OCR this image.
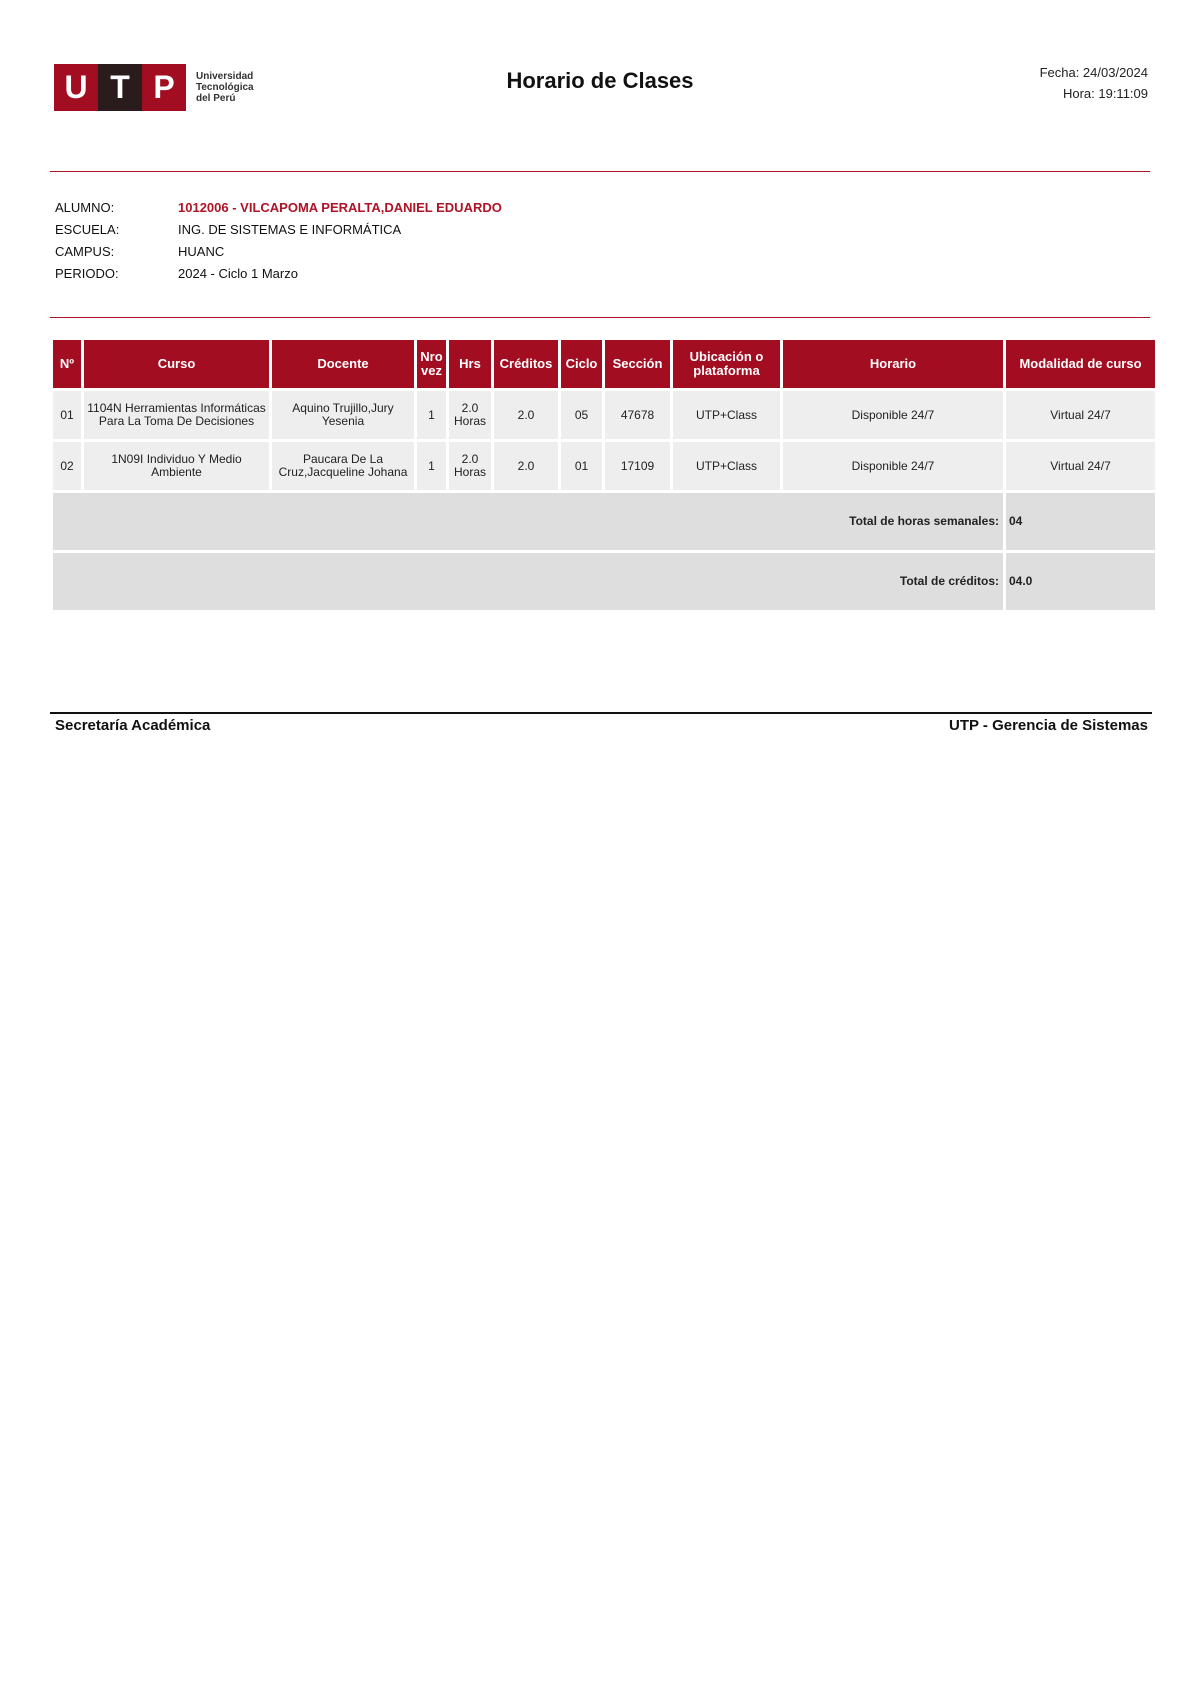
U T P	Universidad
Tecnológica
del Perú
Horario de Clases	Fecha: 24/03/2024
Hora: 19:11:09
ALUMNO:	1012006 - VILCAPOMA PERALTA,DANIEL EDUARDO
ESCUELA:	ING. DE SISTEMAS E INFORMÁTICA
CAMPUS:	HUANC
PERIODO:	2024 - Ciclo 1 Marzo
Nº	Curso	Docente	Nro vez	Hrs	Créditos	Ciclo	Sección	Ubicación o plataforma	Horario	Modalidad de curso
01	1104N Herramientas Informáticas Para La Toma De Decisiones	Aquino Trujillo,Jury Yesenia	1	2.0 Horas	2.0	05	47678	UTP+Class	Disponible 24/7	Virtual 24/7
02	1N09I Individuo Y Medio Ambiente	Paucara De La Cruz,Jacqueline Johana	1	2.0 Horas	2.0	01	17109	UTP+Class	Disponible 24/7	Virtual 24/7
Total de horas semanales:										04
Total de créditos:										04.0
Secretaría Académica	UTP - Gerencia de Sistemas
